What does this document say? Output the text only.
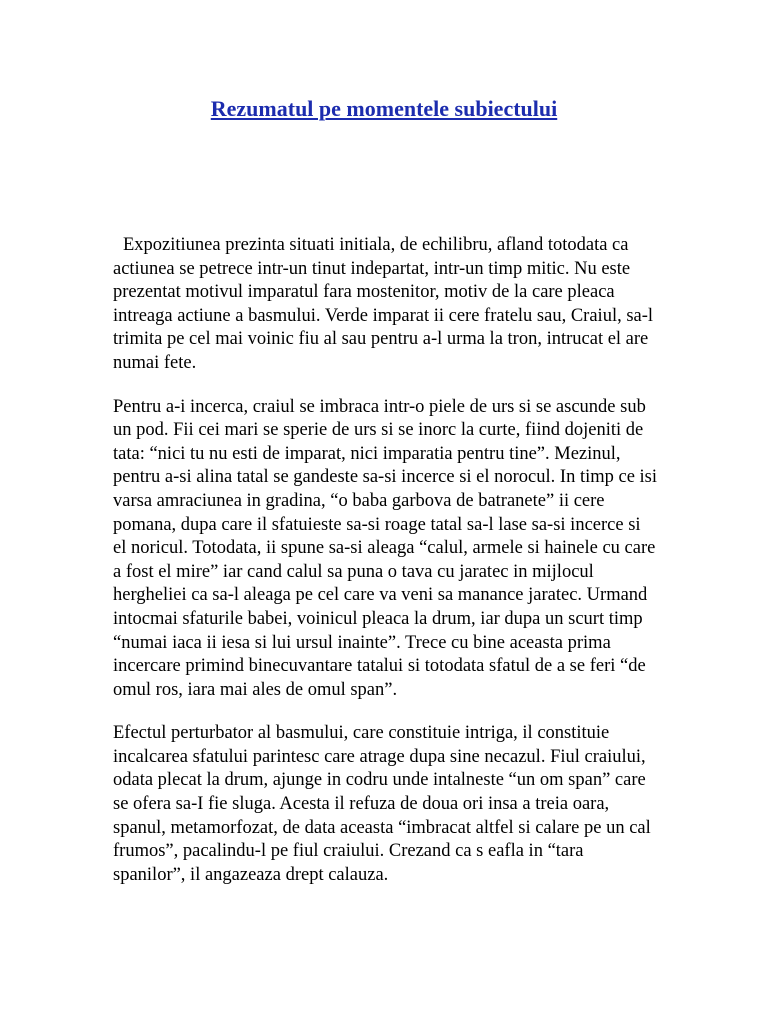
Rezumatul pe momentele subiectului

Expozitiunea prezinta situati initiala, de echilibru, afland totodata ca actiunea se petrece intr-un tinut indepartat, intr-un timp mitic. Nu este prezentat motivul imparatul fara mostenitor, motiv de la care pleaca intreaga actiune a basmului. Verde imparat ii cere fratelu sau, Craiul, sa-l trimita pe cel mai voinic fiu al sau pentru a-l urma la tron, intrucat el are numai fete.

Pentru a-i incerca, craiul se imbraca intr-o piele de urs si se ascunde sub un pod. Fii cei mari se sperie de urs si se inorc la curte, fiind dojeniti de tata: “nici tu nu esti de imparat, nici imparatia pentru tine”. Mezinul, pentru a-si alina tatal se gandeste sa-si incerce si el norocul. In timp ce isi varsa amraciunea in gradina, “o baba garbova de batranete” ii cere pomana, dupa care il sfatuieste sa-si roage tatal sa-l lase sa-si incerce si el noricul. Totodata, ii spune sa-si aleaga “calul, armele si hainele cu care a fost el mire” iar cand calul sa puna o tava cu jaratec in mijlocul hergheliei ca sa-l aleaga pe cel care va veni sa manance jaratec. Urmand intocmai sfaturile babei, voinicul pleaca la drum, iar dupa un scurt timp “numai iaca ii iesa si lui ursul inainte”. Trece cu bine aceasta prima incercare primind binecuvantare tatalui si totodata sfatul de a se feri “de omul ros, iara mai ales de omul span”.

Efectul perturbator al basmului, care constituie intriga, il constituie incalcarea sfatului parintesc care atrage dupa sine necazul. Fiul craiului, odata plecat la drum, ajunge in codru unde intalneste “un om span” care se ofera sa-I fie sluga. Acesta il refuza de doua ori insa a treia oara, spanul, metamorfozat, de data aceasta “imbracat altfel si calare pe un cal frumos”, pacalindu-l pe fiul craiului. Crezand ca s eafla in “tara spanilor”, il angazeaza drept calauza.
